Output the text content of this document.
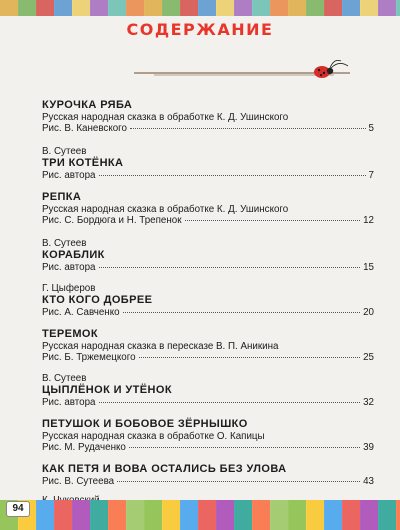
СОДЕРЖАНИЕ
КУРОЧКА РЯБА
Русская народная сказка в обработке К. Д. Ушинского
Рис. В. Каневского	5
В. Сутеев
ТРИ КОТЁНКА
Рис. автора	7
РЕПКА
Русская народная сказка в обработке К. Д. Ушинского
Рис. С. Бордюга и Н. Трепенок	12
В. Сутеев
КОРАБЛИК
Рис. автора	15
Г. Цыферов
КТО КОГО ДОБРЕЕ
Рис. А. Савченко	20
ТЕРЕМОК
Русская народная сказка в пересказе В. П. Аникина
Рис. Б. Тржемецкого	25
В. Сутеев
ЦЫПЛЁНОК И УТЁНОК
Рис. автора	32
ПЕТУШОК И БОБОВОЕ ЗЁРНЫШКО
Русская народная сказка в обработке О. Капицы
Рис. М. Рудаченко	39
КАК ПЕТЯ И ВОВА ОСТАЛИСЬ БЕЗ УЛОВА
Рис. В. Сутеева	43
94
